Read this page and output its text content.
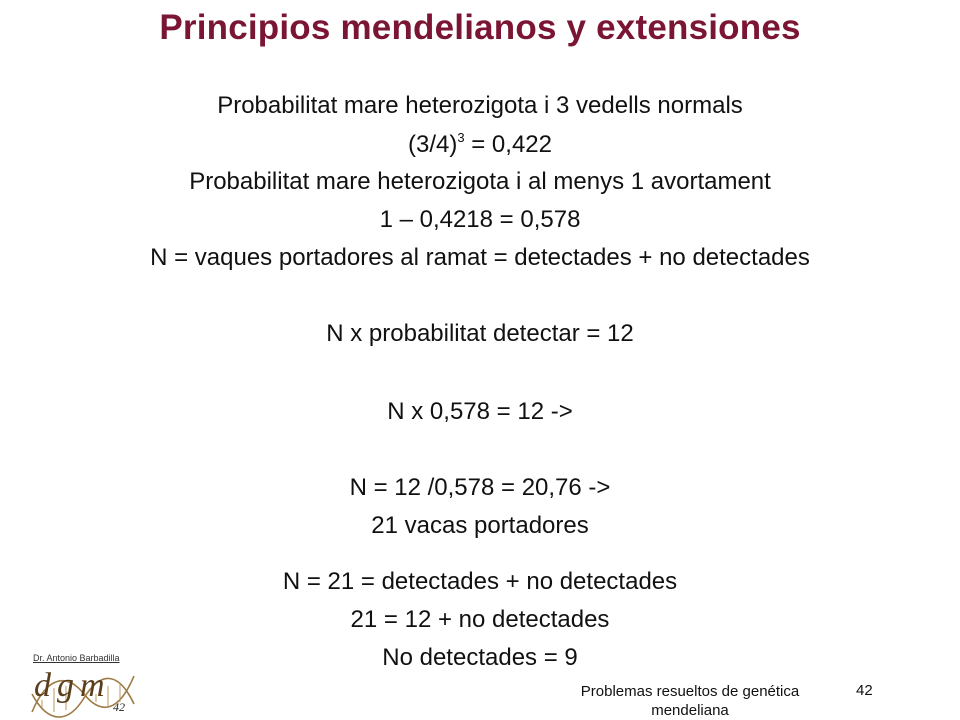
Principios mendelianos y extensiones
Probabilitat mare heterozigota i 3 vedells normals
$(3/4)^3 = 0,422$
Probabilitat mare heterozigota i al menys 1 avortament
1 – 0,4218 = 0,578
N = vaques portadores al ramat = detectades + no detectades
N x probabilitat detectar = 12
N x 0,578 = 12 ->
N = 12 /0,578 = 20,76 ->
21 vacas portadores
N = 21 = detectades + no detectades
21 = 12 + no detectades
No detectades = 9
Dr. Antonio Barbadilla
dgm
42
Problemas resueltos de genética mendeliana
42
